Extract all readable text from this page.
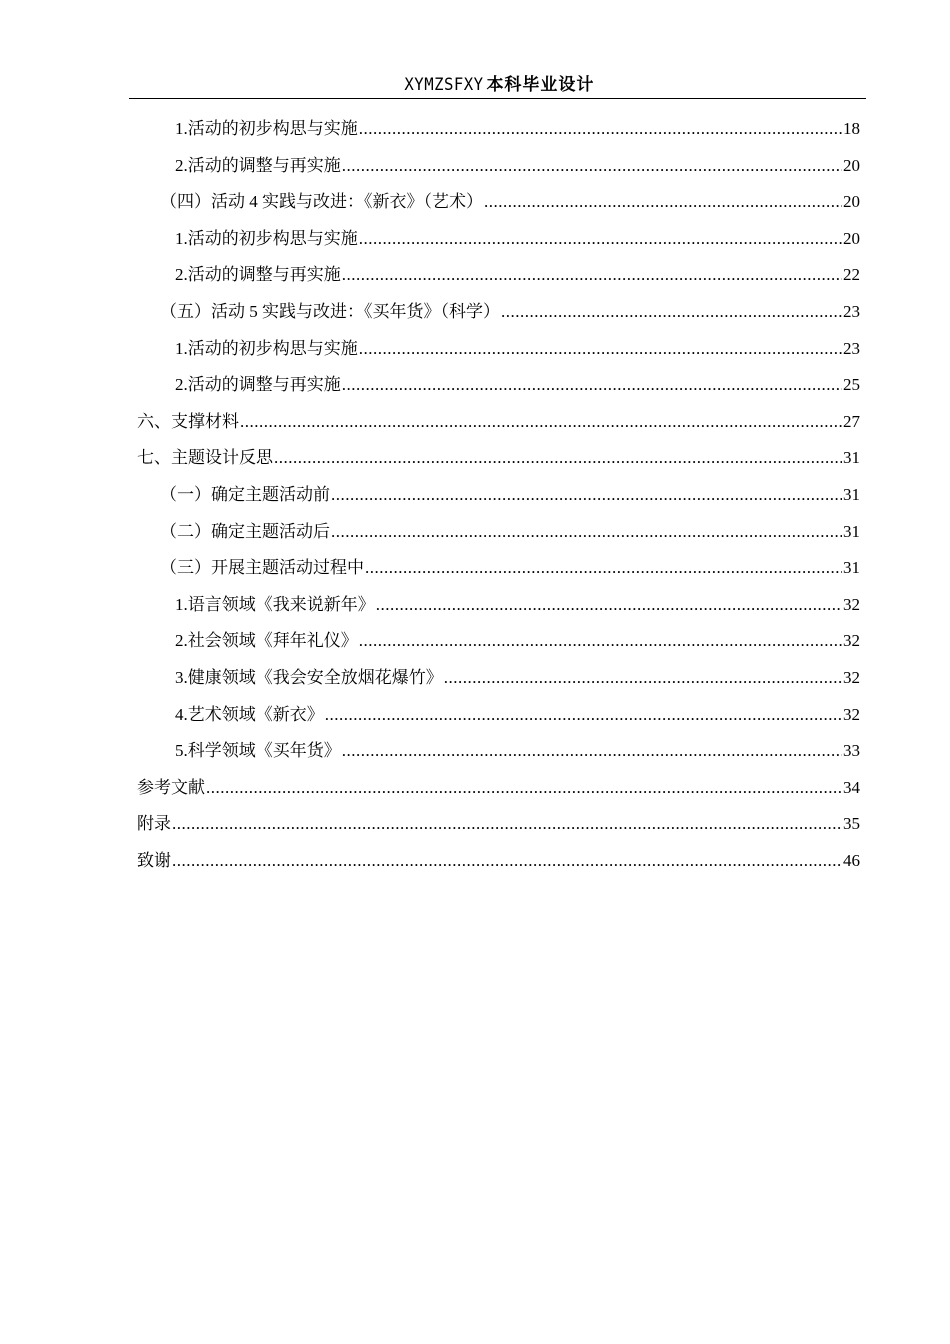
XYMZSFXY 本科毕业设计
1.活动的初步构思与实施 .....	18
2.活动的调整与再实施 .....	20
（四）活动 4 实践与改进：《新衣》（艺术） .....	20
1.活动的初步构思与实施 .....	20
2.活动的调整与再实施 .....	22
（五）活动 5 实践与改进：《买年货》（科学） .....	23
1.活动的初步构思与实施 .....	23
2.活动的调整与再实施 .....	25
六、支撑材料 .....	27
七、主题设计反思 .....	31
（一）确定主题活动前 .....	31
（二）确定主题活动后 .....	31
（三）开展主题活动过程中 .....	31
1.语言领域《我来说新年》 .....	32
2.社会领域《拜年礼仪》 .....	32
3.健康领域《我会安全放烟花爆竹》 .....	32
4.艺术领域《新衣》 .....	32
5.科学领域《买年货》 .....	33
参考文献 .....	34
附录 .....	35
致谢 .....	46
